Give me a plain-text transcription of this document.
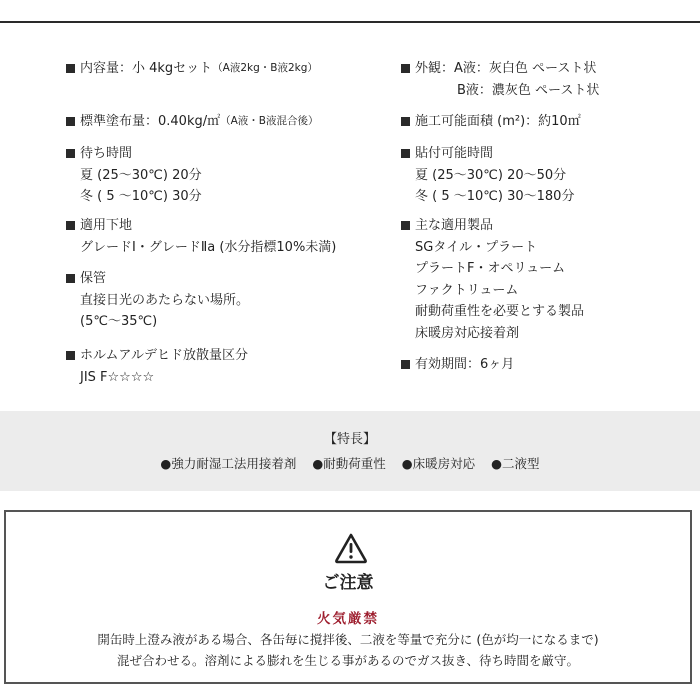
内容量：小 4kgセット （A液2kg・B液2kg）
標準塗布量：0.40kg/㎡ （A液・B液混合後）
待ち時間
夏 (25〜30℃) 20分
冬 ( 5 〜10℃) 30分
適用下地
グレードⅠ・グレードⅡa (水分指標10%未満)
保管
直接日光のあたらない場所。
(5℃〜35℃)
ホルムアルデヒド放散量区分
JIS F☆☆☆☆
外観：A液：灰白色 ペースト状
B液：濃灰色 ペースト状
施工可能面積 (m²)：約10㎡
貼付可能時間
夏 (25〜30℃) 20〜50分
冬 ( 5 〜10℃) 30〜180分
主な適用製品
SGタイル・プラート
プラートF・オペリューム
ファクトリューム
耐動荷重性を必要とする製品
床暖房対応接着剤
有効期間：6ヶ月
【特長】
●強力耐湿工法用接着剤 ●耐動荷重性 ●床暖房対応 ●二液型
ご注意
火気厳禁
開缶時上澄み液がある場合、各缶毎に撹拌後、二液を等量で充分に (色が均一になるまで)
混ぜ合わせる。溶剤による膨れを生じる事があるのでガス抜き、待ち時間を厳守。
